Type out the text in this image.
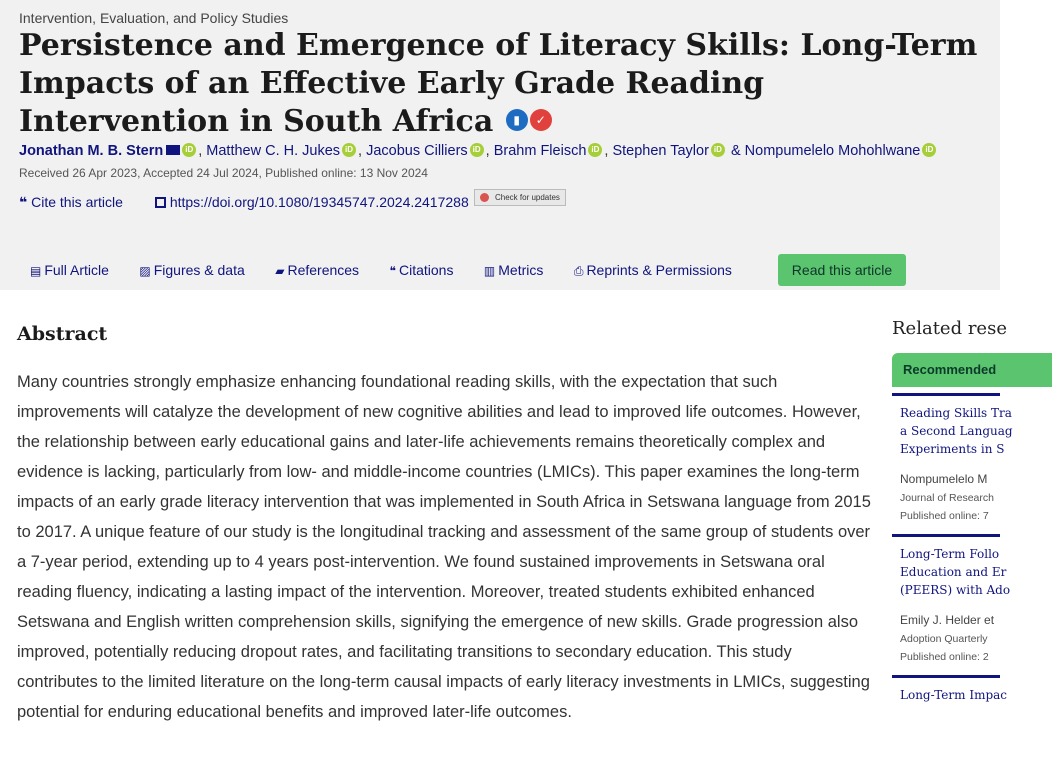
Intervention, Evaluation, and Policy Studies
Persistence and Emergence of Literacy Skills: Long-Term Impacts of an Effective Early Grade Reading Intervention in South Africa ▮ ✓
Jonathan M. B. Stern	iD , Matthew C. H. Jukes iD , Jacobus Cilliers iD , Brahm Fleisch iD , Stephen Taylor iD & Nompumelelo Mohohlwane iD
Received 26 Apr 2023, Accepted 24 Jul 2024, Published online: 13 Nov 2024
❝ Cite this article	https://doi.org/10.1080/19345747.2024.2417288	Check for updates
▤ Full Article	▨ Figures & data	▰ References	❝ Citations	▥ Metrics	⎙ Reprints & Permissions	Read this article
Abstract

Many countries strongly emphasize enhancing foundational reading skills, with the expectation that such improvements will catalyze the development of new cognitive abilities and lead to improved life outcomes. However, the relationship between early educational gains and later-life achievements remains theoretically complex and evidence is lacking, particularly from low- and middle-income countries (LMICs). This paper examines the long-term impacts of an early grade literacy intervention that was implemented in South Africa in Setswana language from 2015 to 2017. A unique feature of our study is the longitudinal tracking and assessment of the same group of students over a 7-year period, extending up to 4 years post-intervention. We found sustained improvements in Setswana oral reading fluency, indicating a lasting impact of the intervention. Moreover, treated students exhibited enhanced Setswana and English written comprehension skills, signifying the emergence of new skills. Grade progression also improved, potentially reducing dropout rates, and facilitating transitions to secondary education. This study contributes to the limited literature on the long-term causal impacts of early literacy investments in LMICs, suggesting potential for enduring educational benefits and improved later-life outcomes.

Related rese
Recommended
Reading Skills Tra
a Second Languag
Experiments in S
Nompumelelo M
Journal of Research
Published online: 7
Long-Term Follo
Education and Er
(PEERS) with Ado
Emily J. Helder et
Adoption Quarterly
Published online: 2
Long-Term Impac
